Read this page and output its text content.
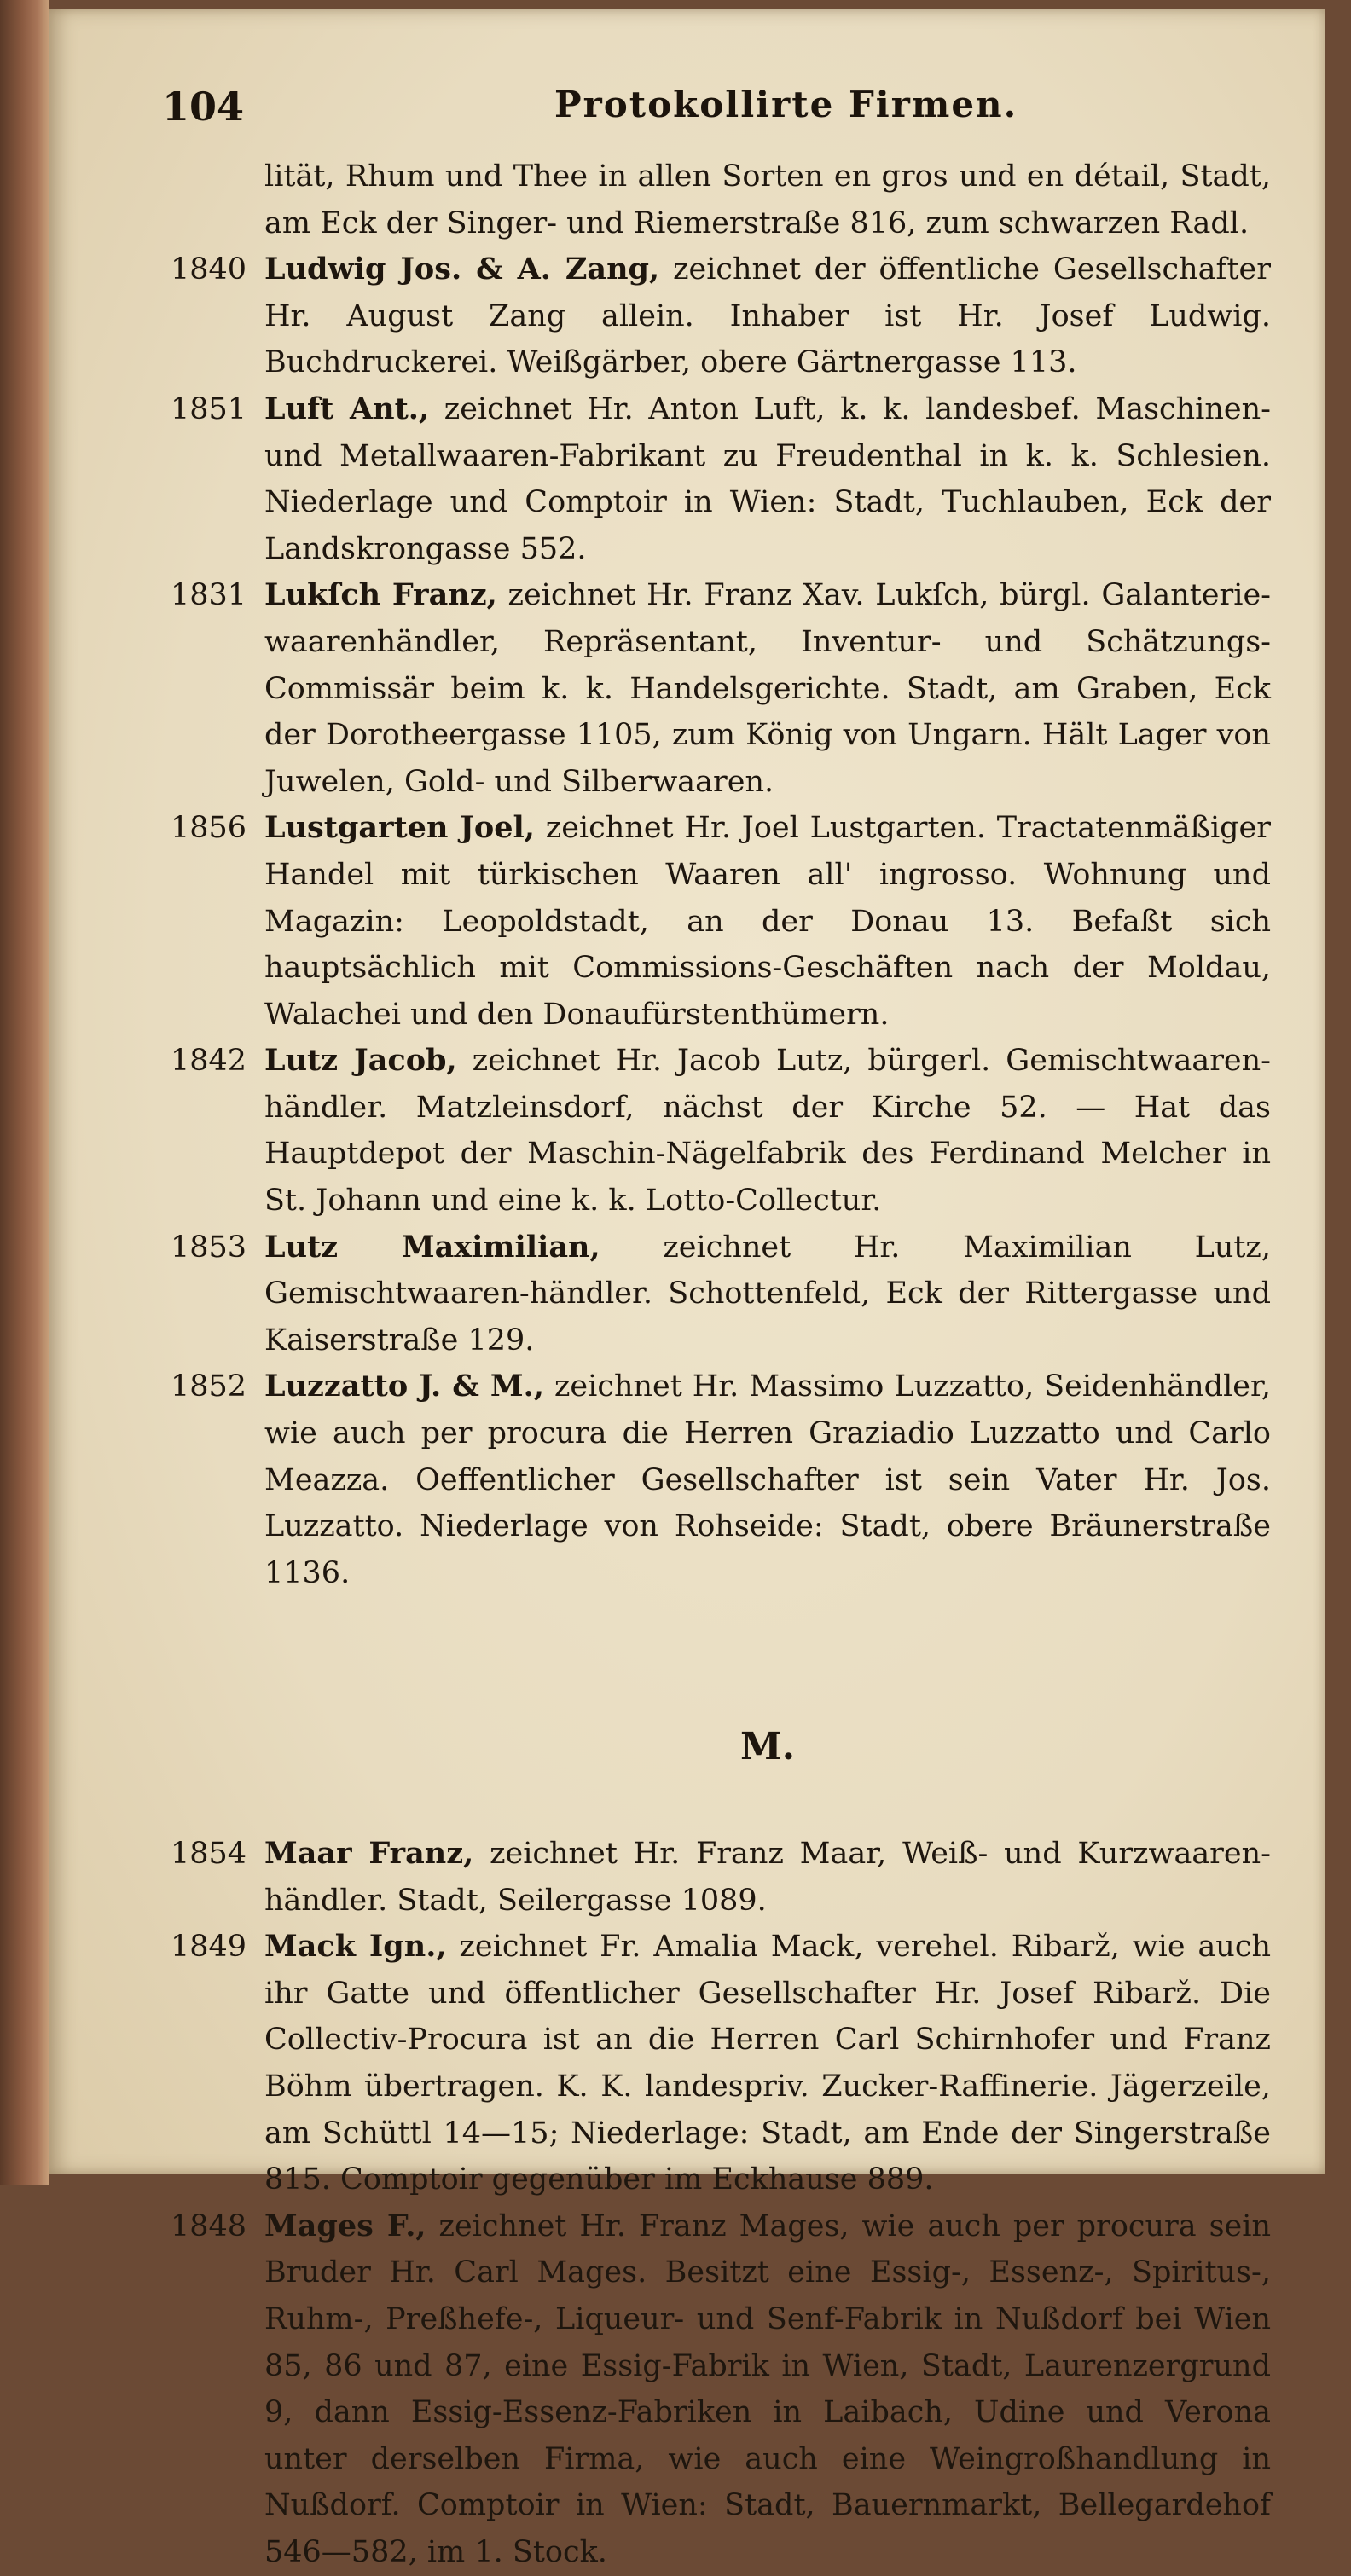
104	Protokollirte Firmen.
lität, Rhum und Thee in allen Sorten en gros und en détail, Stadt, am Eck der Singer- und Riemerstraße 816, zum schwarzen Radl.
1840 Ludwig Jos. & A. Zang, zeichnet der öffentliche Gesellschafter Hr. August Zang allein. Inhaber ist Hr. Josef Ludwig. Buchdruckerei. Weißgärber, obere Gärtnergasse 113.
1851 Luft Ant., zeichnet Hr. Anton Luft, k. k. landesbef. Maschinen- und Metallwaaren-Fabrikant zu Freudenthal in k. k. Schlesien. Niederlage und Comptoir in Wien: Stadt, Tuchlauben, Eck der Landskrongasse 552.
1831 Lukſch Franz, zeichnet Hr. Franz Xav. Lukſch, bürgl. Galanterie-waarenhändler, Repräsentant, Inventur- und Schätzungs-Commissär beim k. k. Handelsgerichte. Stadt, am Graben, Eck der Dorotheergasse 1105, zum König von Ungarn. Hält Lager von Juwelen, Gold- und Silberwaaren.
1856 Lustgarten Joel, zeichnet Hr. Joel Lustgarten. Tractatenmäßiger Handel mit türkischen Waaren all' ingrosso. Wohnung und Magazin: Leopoldstadt, an der Donau 13. Befaßt sich hauptsächlich mit Commissions-Geschäften nach der Moldau, Walachei und den Donaufürstenthümern.
1842 Lutz Jacob, zeichnet Hr. Jacob Lutz, bürgerl. Gemischtwaaren-händler. Matzleinsdorf, nächst der Kirche 52. — Hat das Hauptdepot der Maschin-Nägelfabrik des Ferdinand Melcher in St. Johann und eine k. k. Lotto-Collectur.
1853 Lutz Maximilian, zeichnet Hr. Maximilian Lutz, Gemischtwaaren-händler. Schottenfeld, Eck der Rittergasse und Kaiserstraße 129.
1852 Luzzatto J. & M., zeichnet Hr. Massimo Luzzatto, Seidenhändler, wie auch per procura die Herren Graziadio Luzzatto und Carlo Meazza. Oeffentlicher Gesellschafter ist sein Vater Hr. Jos. Luzzatto. Niederlage von Rohseide: Stadt, obere Bräunerstraße 1136.
M.
1854 Maar Franz, zeichnet Hr. Franz Maar, Weiß- und Kurzwaaren-händler. Stadt, Seilergasse 1089.
1849 Mack Ign., zeichnet Fr. Amalia Mack, verehel. Ribarž, wie auch ihr Gatte und öffentlicher Gesellschafter Hr. Josef Ribarž. Die Collectiv-Procura ist an die Herren Carl Schirnhofer und Franz Böhm übertragen. K. K. landespriv. Zucker-Raffinerie. Jägerzeile, am Schüttl 14—15; Niederlage: Stadt, am Ende der Singerstraße 815. Comptoir gegenüber im Eckhause 889.
1848 Mages F., zeichnet Hr. Franz Mages, wie auch per procura sein Bruder Hr. Carl Mages. Besitzt eine Essig-, Essenz-, Spiritus-, Ruhm-, Preßhefe-, Liqueur- und Senf-Fabrik in Nußdorf bei Wien 85, 86 und 87, eine Essig-Fabrik in Wien, Stadt, Laurenzergrund 9, dann Essig-Essenz-Fabriken in Laibach, Udine und Verona unter derselben Firma, wie auch eine Weingroßhandlung in Nußdorf. Comptoir in Wien: Stadt, Bauernmarkt, Bellegardehof 546—582, im 1. Stock.
